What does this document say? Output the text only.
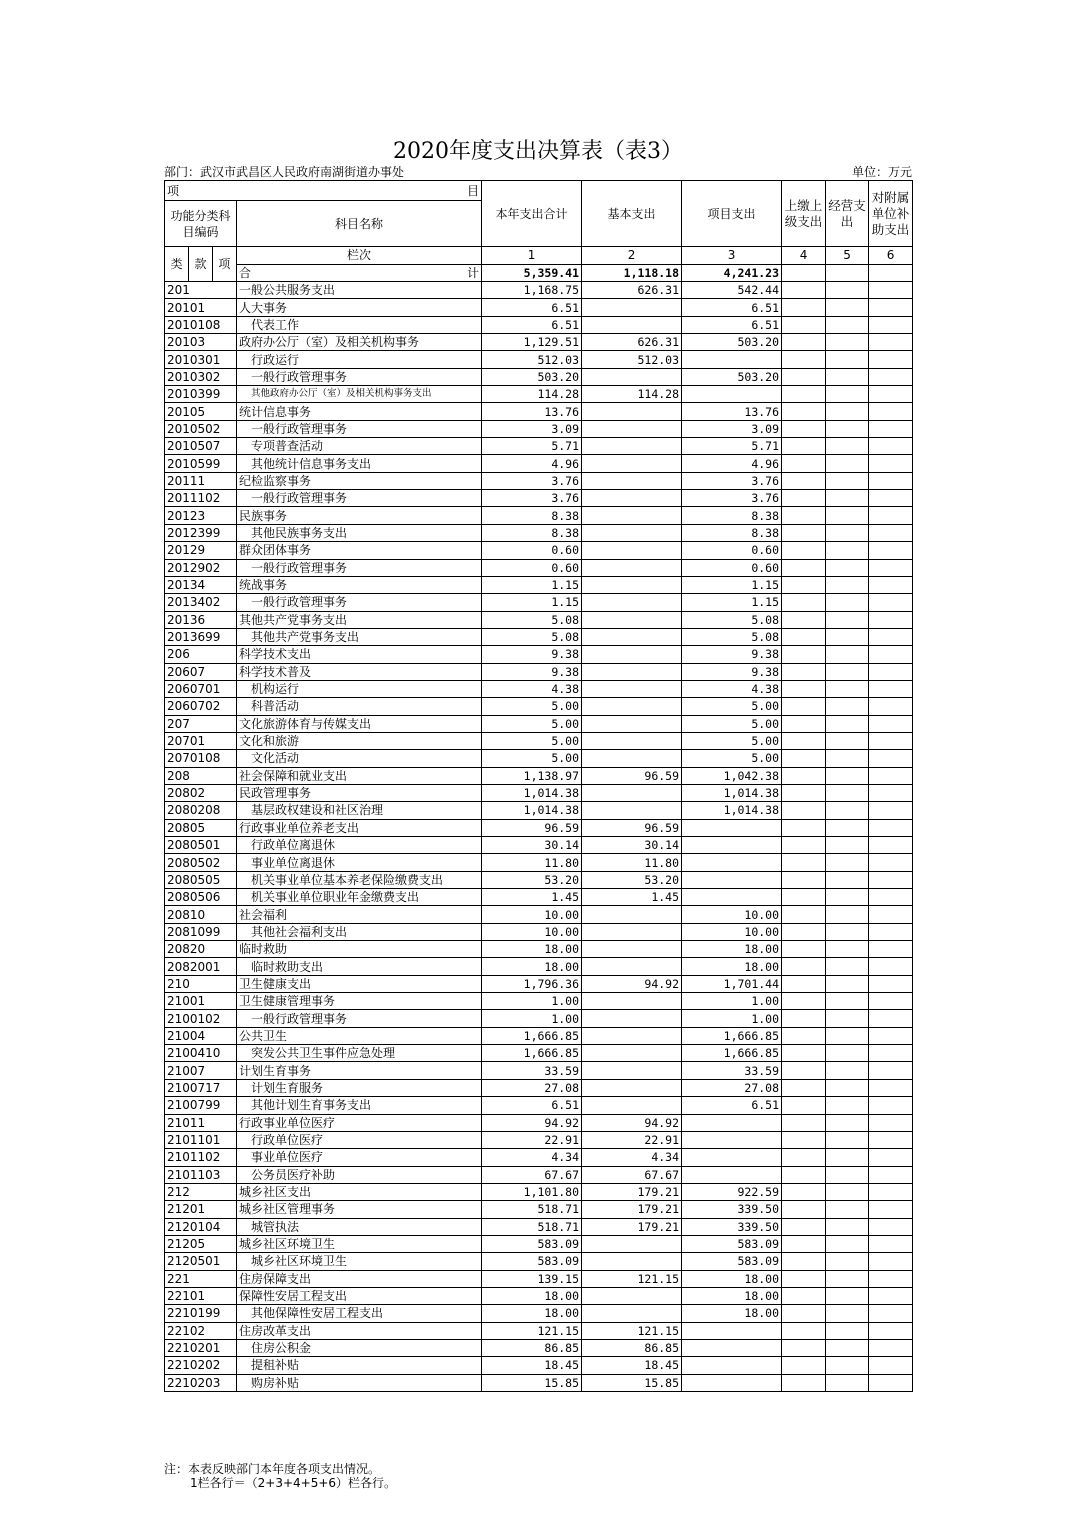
2020年度支出决算表（表3）
部门：武汉市武昌区人民政府南湖街道办事处	单位：万元
项	目
	本年支出合计	基本支出	项目支出	上缴上级支出	经营支出	对附属单位补助支出
功能分类科目编码	科目名称

类	款	项
	栏次	1	2	3	4	5	6
合	计	5,359.41	1,118.18	4,241.23			
201	一般公共服务支出	1,168.75	626.31	542.44			
20101	人大事务	6.51		6.51			
2010108	代表工作	6.51		6.51			
20103	政府办公厅（室）及相关机构事务	1,129.51	626.31	503.20			
2010301	行政运行	512.03	512.03				
2010302	一般行政管理事务	503.20		503.20			
2010399	其他政府办公厅（室）及相关机构事务支出	114.28	114.28				
20105	统计信息事务	13.76		13.76			
2010502	一般行政管理事务	3.09		3.09			
2010507	专项普查活动	5.71		5.71			
2010599	其他统计信息事务支出	4.96		4.96			
20111	纪检监察事务	3.76		3.76			
2011102	一般行政管理事务	3.76		3.76			
20123	民族事务	8.38		8.38			
2012399	其他民族事务支出	8.38		8.38			
20129	群众团体事务	0.60		0.60			
2012902	一般行政管理事务	0.60		0.60			
20134	统战事务	1.15		1.15			
2013402	一般行政管理事务	1.15		1.15			
20136	其他共产党事务支出	5.08		5.08			
2013699	其他共产党事务支出	5.08		5.08			
206	科学技术支出	9.38		9.38			
20607	科学技术普及	9.38		9.38			
2060701	机构运行	4.38		4.38			
2060702	科普活动	5.00		5.00			
207	文化旅游体育与传媒支出	5.00		5.00			
20701	文化和旅游	5.00		5.00			
2070108	文化活动	5.00		5.00			
208	社会保障和就业支出	1,138.97	96.59	1,042.38			
20802	民政管理事务	1,014.38		1,014.38			
2080208	基层政权建设和社区治理	1,014.38		1,014.38			
20805	行政事业单位养老支出	96.59	96.59				
2080501	行政单位离退休	30.14	30.14				
2080502	事业单位离退休	11.80	11.80				
2080505	机关事业单位基本养老保险缴费支出	53.20	53.20				
2080506	机关事业单位职业年金缴费支出	1.45	1.45				
20810	社会福利	10.00		10.00			
2081099	其他社会福利支出	10.00		10.00			
20820	临时救助	18.00		18.00			
2082001	临时救助支出	18.00		18.00			
210	卫生健康支出	1,796.36	94.92	1,701.44			
21001	卫生健康管理事务	1.00		1.00			
2100102	一般行政管理事务	1.00		1.00			
21004	公共卫生	1,666.85		1,666.85			
2100410	突发公共卫生事件应急处理	1,666.85		1,666.85			
21007	计划生育事务	33.59		33.59			
2100717	计划生育服务	27.08		27.08			
2100799	其他计划生育事务支出	6.51		6.51			
21011	行政事业单位医疗	94.92	94.92				
2101101	行政单位医疗	22.91	22.91				
2101102	事业单位医疗	4.34	4.34				
2101103	公务员医疗补助	67.67	67.67				
212	城乡社区支出	1,101.80	179.21	922.59			
21201	城乡社区管理事务	518.71	179.21	339.50			
2120104	城管执法	518.71	179.21	339.50			
21205	城乡社区环境卫生	583.09		583.09			
2120501	城乡社区环境卫生	583.09		583.09			
221	住房保障支出	139.15	121.15	18.00			
22101	保障性安居工程支出	18.00		18.00			
2210199	其他保障性安居工程支出	18.00		18.00			
22102	住房改革支出	121.15	121.15				
2210201	住房公积金	86.85	86.85				
2210202	提租补贴	18.45	18.45				
2210203	购房补贴	15.85	15.85				
注：本表反映部门本年度各项支出情况。
1栏各行＝（2+3+4+5+6）栏各行。
